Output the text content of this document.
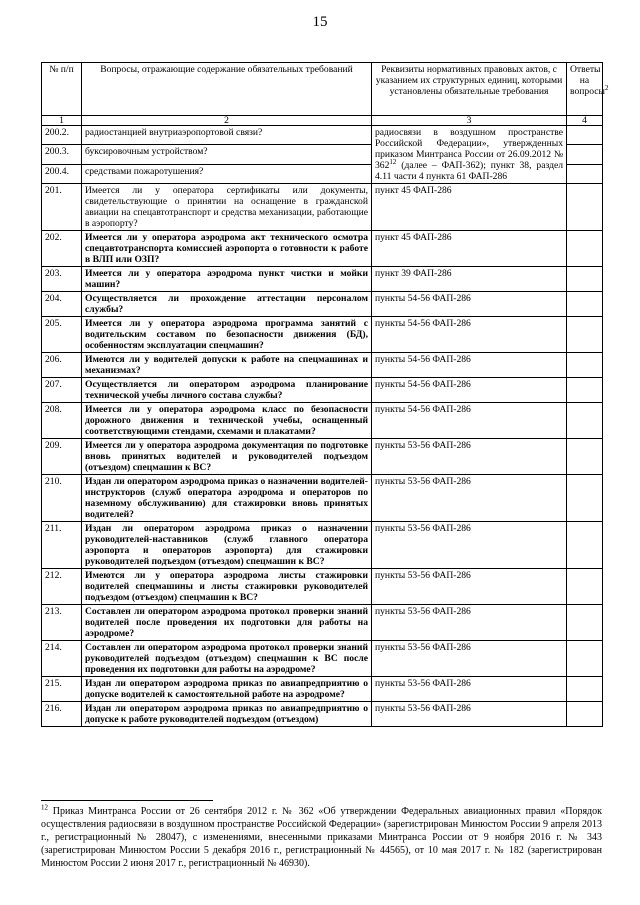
15
№ п/п	Вопросы, отражающие содержание обязательных требований	Реквизиты нормативных правовых актов, с указанием их структурных единиц, которыми установлены обязательные требования	Ответы на вопросы$^2$
1	2	3	4
200.2.	радиостанцией внутриаэропортовой связи?	радиосвязи в воздушном пространстве Российской Федерации», утвержденных приказом Минтранса России от 26.09.2012 № $362^{12}$ (далее – ФАП-362); пункт 38, раздел 4.11 части 4 пункта 61 ФАП-286	
200.3.	буксировочным устройством?		
200.4.	средствами пожаротушения?		
201.	Имеется ли у оператора сертификаты или документы, свидетельствующие о принятии на оснащение в гражданской авиации на спецавтотранспорт и средства механизации, работающие в аэропорту?	пункт 45 ФАП-286	
202.	Имеется ли у оператора аэродрома акт технического осмотра спецавтотранспорта комиссией аэропорта о готовности к работе в ВЛП или ОЗП?	пункт 45 ФАП-286	
203.	Имеется ли у оператора аэродрома пункт чистки и мойки машин?	пункт 39 ФАП-286	
204.	Осуществляется ли прохождение аттестации персоналом службы?	пункты 54-56 ФАП-286	
205.	Имеется ли у оператора аэродрома программа занятий с водительским составом по безопасности движения (БД), особенностям эксплуатации спецмашин?	пункты 54-56 ФАП-286	
206.	Имеются ли у водителей допуски к работе на спецмашинах и механизмах?	пункты 54-56 ФАП-286	
207.	Осуществляется ли оператором аэродрома планирование технической учебы личного состава службы?	пункты 54-56 ФАП-286	
208.	Имеется ли у оператора аэродрома класс по безопасности дорожного движения и технической учебы, оснащенный соответствующими стендами, схемами и плакатами?	пункты 54-56 ФАП-286	
209.	Имеется ли у оператора аэродрома документация по подготовке вновь принятых водителей и руководителей подъездом (отъездом) спецмашин к ВС?	пункты 53-56 ФАП-286	
210.	Издан ли оператором аэродрома приказ о назначении водителей-инструкторов (служб оператора аэродрома и операторов по наземному обслуживанию) для стажировки вновь принятых водителей?	пункты 53-56 ФАП-286	
211.	Издан ли оператором аэродрома приказ о назначении руководителей-наставников (служб главного оператора аэропорта и операторов аэропорта) для стажировки руководителей подъездом (отъездом) спецмашин к ВС?	пункты 53-56 ФАП-286	
212.	Имеются ли у оператора аэродрома листы стажировки водителей спецмашины и листы стажировки руководителей подъездом (отъездом) спецмашин к ВС?	пункты 53-56 ФАП-286	
213.	Составлен ли оператором аэродрома протокол проверки знаний водителей после проведения их подготовки для работы на аэродроме?	пункты 53-56 ФАП-286	
214.	Составлен ли оператором аэродрома протокол проверки знаний руководителей подъездом (отъездом) спецмашин к ВС после проведения их подготовки для работы на аэродроме?	пункты 53-56 ФАП-286	
215.	Издан ли оператором аэродрома приказ по авиапредприятию о допуске водителей к самостоятельной работе на аэродроме?	пункты 53-56 ФАП-286	
216.	Издан ли оператором аэродрома приказ по авиапредприятию о допуске к работе руководителей подъездом (отъездом)	пункты 53-56 ФАП-286	
$^{12}$ Приказ Минтранса России от 26 сентября 2012 г. № 362 «Об утверждении Федеральных авиационных правил «Порядок осуществления радиосвязи в воздушном пространстве Российской Федерации» (зарегистрирован Минюстом России 9 апреля 2013 г., регистрационный № 28047), с изменениями, внесенными приказами Минтранса России от 9 ноября 2016 г. № 343 (зарегистрирован Минюстом России 5 декабря 2016 г., регистрационный № 44565), от 10 мая 2017 г. № 182 (зарегистрирован Минюстом России 2 июня 2017 г., регистрационный № 46930).
